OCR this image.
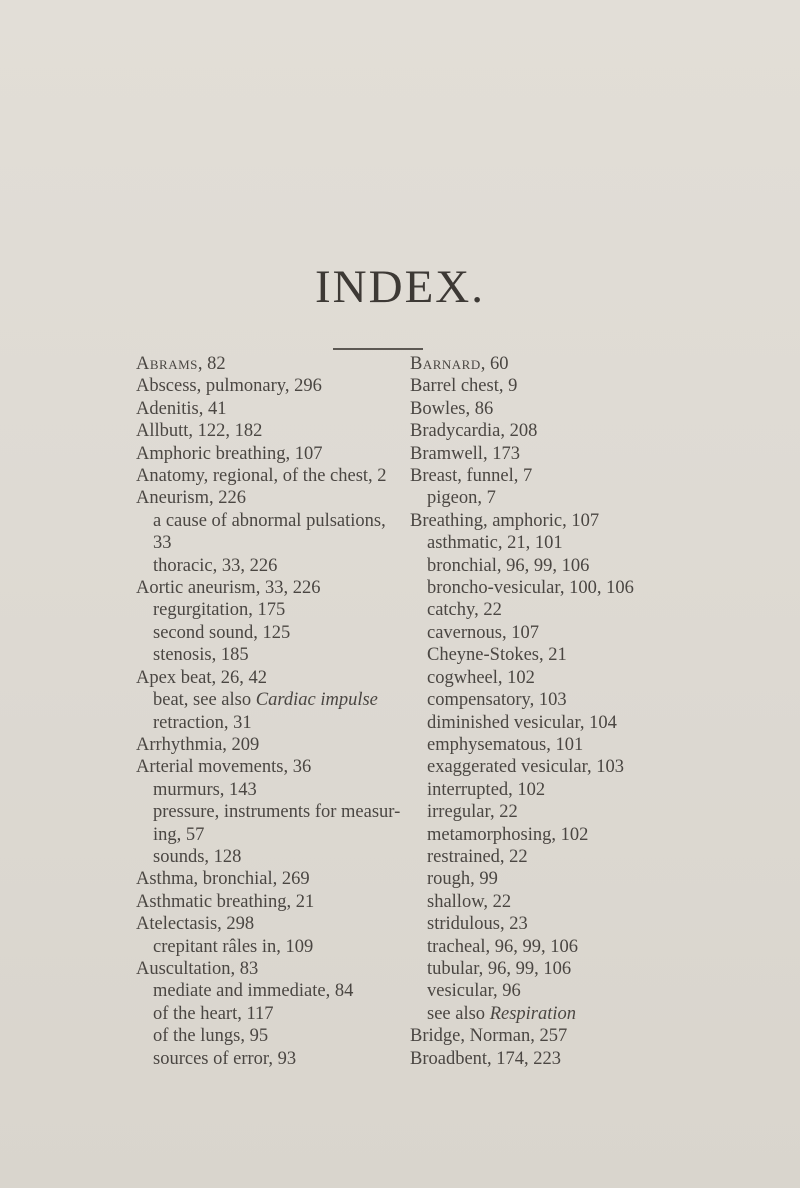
INDEX.
Abrams, 82
Abscess, pulmonary, 296
Adenitis, 41
Allbutt, 122, 182
Amphoric breathing, 107
Anatomy, regional, of the chest, 2
Aneurism, 226
a cause of abnormal pulsations,
33
thoracic, 33, 226
Aortic aneurism, 33, 226
regurgitation, 175
second sound, 125
stenosis, 185
Apex beat, 26, 42
beat, see also Cardiac impulse
retraction, 31
Arrhythmia, 209
Arterial movements, 36
murmurs, 143
pressure, instruments for measur-
ing, 57
sounds, 128
Asthma, bronchial, 269
Asthmatic breathing, 21
Atelectasis, 298
crepitant râles in, 109
Auscultation, 83
mediate and immediate, 84
of the heart, 117
of the lungs, 95
sources of error, 93
Barnard, 60
Barrel chest, 9
Bowles, 86
Bradycardia, 208
Bramwell, 173
Breast, funnel, 7
pigeon, 7
Breathing, amphoric, 107
asthmatic, 21, 101
bronchial, 96, 99, 106
broncho-vesicular, 100, 106
catchy, 22
cavernous, 107
Cheyne-Stokes, 21
cogwheel, 102
compensatory, 103
diminished vesicular, 104
emphysematous, 101
exaggerated vesicular, 103
interrupted, 102
irregular, 22
metamorphosing, 102
restrained, 22
rough, 99
shallow, 22
stridulous, 23
tracheal, 96, 99, 106
tubular, 96, 99, 106
vesicular, 96
see also Respiration
Bridge, Norman, 257
Broadbent, 174, 223
